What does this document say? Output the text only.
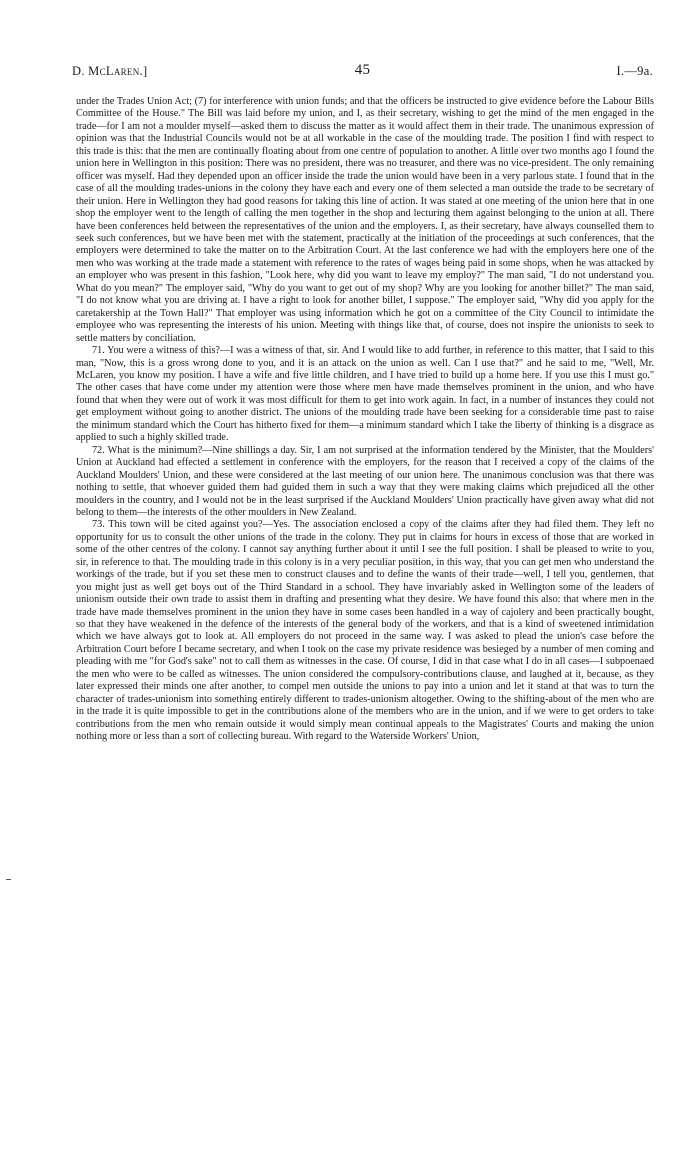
D. McLaren.]	45	I.—9a.

under the Trades Union Act; (7) for interference with union funds; and that the officers be instructed to give evidence before the Labour Bills Committee of the House." The Bill was laid before my union, and I, as their secretary, wishing to get the mind of the men engaged in the trade—for I am not a moulder myself—asked them to discuss the matter as it would affect them in their trade. The unanimous expression of opinion was that the Industrial Councils would not be at all workable in the case of the moulding trade. The position I find with respect to this trade is this: that the men are continually floating about from one centre of population to another. A little over two months ago I found the union here in Wellington in this position: There was no president, there was no treasurer, and there was no vice-president. The only remaining officer was myself. Had they depended upon an officer inside the trade the union would have been in a very parlous state. I found that in the case of all the moulding trades-unions in the colony they have each and every one of them selected a man outside the trade to be secretary of their union. Here in Wellington they had good reasons for taking this line of action. It was stated at one meeting of the union here that in one shop the employer went to the length of calling the men together in the shop and lecturing them against belonging to the union at all. There have been conferences held between the representatives of the union and the employers. I, as their secretary, have always counselled them to seek such conferences, but we have been met with the statement, practically at the initiation of the proceedings at such conferences, that the employers were determined to take the matter on to the Arbitration Court. At the last conference we had with the employers here one of the men who was working at the trade made a statement with reference to the rates of wages being paid in some shops, when he was attacked by an employer who was present in this fashion, "Look here, why did you want to leave my employ?" The man said, "I do not understand you. What do you mean?" The employer said, "Why do you want to get out of my shop? Why are you looking for another billet?" The man said, "I do not know what you are driving at. I have a right to look for another billet, I suppose." The employer said, "Why did you apply for the caretakership at the Town Hall?" That employer was using information which he got on a committee of the City Council to intimidate the employee who was representing the interests of his union. Meeting with things like that, of course, does not inspire the unionists to seek to settle matters by conciliation.

71. You were a witness of this?—I was a witness of that, sir. And I would like to add further, in reference to this matter, that I said to this man, "Now, this is a gross wrong done to you, and it is an attack on the union as well. Can I use that?" and he said to me, "Well, Mr. McLaren, you know my position. I have a wife and five little children, and I have tried to build up a home here. If you use this I must go." The other cases that have come under my attention were those where men have made themselves prominent in the union, and who have found that when they were out of work it was most difficult for them to get into work again. In fact, in a number of instances they could not get employment without going to another district. The unions of the moulding trade have been seeking for a considerable time past to raise the minimum standard which the Court has hitherto fixed for them—a minimum standard which I take the liberty of thinking is a disgrace as applied to such a highly skilled trade.

72. What is the minimum?—Nine shillings a day. Sir, I am not surprised at the information tendered by the Minister, that the Moulders' Union at Auckland had effected a settlement in conference with the employers, for the reason that I received a copy of the claims of the Auckland Moulders' Union, and these were considered at the last meeting of our union here. The unanimous conclusion was that there was nothing to settle, that whoever guided them had guided them in such a way that they were making claims which prejudiced all the other moulders in the country, and I would not be in the least surprised if the Auckland Moulders' Union practically have given away what did not belong to them—the interests of the other moulders in New Zealand.

73. This town will be cited against you?—Yes. The association enclosed a copy of the claims after they had filed them. They left no opportunity for us to consult the other unions of the trade in the colony. They put in claims for hours in excess of those that are worked in some of the other centres of the colony. I cannot say anything further about it until I see the full position. I shall be pleased to write to you, sir, in reference to that. The moulding trade in this colony is in a very peculiar position, in this way, that you can get men who understand the workings of the trade, but if you set these men to construct clauses and to define the wants of their trade—well, I tell you, gentlemen, that you might just as well get boys out of the Third Standard in a school. They have invariably asked in Wellington some of the leaders of unionism outside their own trade to assist them in drafting and presenting what they desire. We have found this also: that where men in the trade have made themselves prominent in the union they have in some cases been handled in a way of cajolery and been practically bought, so that they have weakened in the defence of the interests of the general body of the workers, and that is a kind of sweetened intimidation which we have always got to look at. All employers do not proceed in the same way. I was asked to plead the union's case before the Arbitration Court before I became secretary, and when I took on the case my private residence was besieged by a number of men coming and pleading with me "for God's sake" not to call them as witnesses in the case. Of course, I did in that case what I do in all cases—I subpoenaed the men who were to be called as witnesses. The union considered the compulsory-contributions clause, and laughed at it, because, as they later expressed their minds one after another, to compel men outside the unions to pay into a union and let it stand at that was to turn the character of trades-unionism into something entirely different to trades-unionism altogether. Owing to the shifting-about of the men who are in the trade it is quite impossible to get in the contributions alone of the members who are in the union, and if we were to get orders to take contributions from the men who remain outside it would simply mean continual appeals to the Magistrates' Courts and making the union nothing more or less than a sort of collecting bureau. With regard to the Waterside Workers' Union,
